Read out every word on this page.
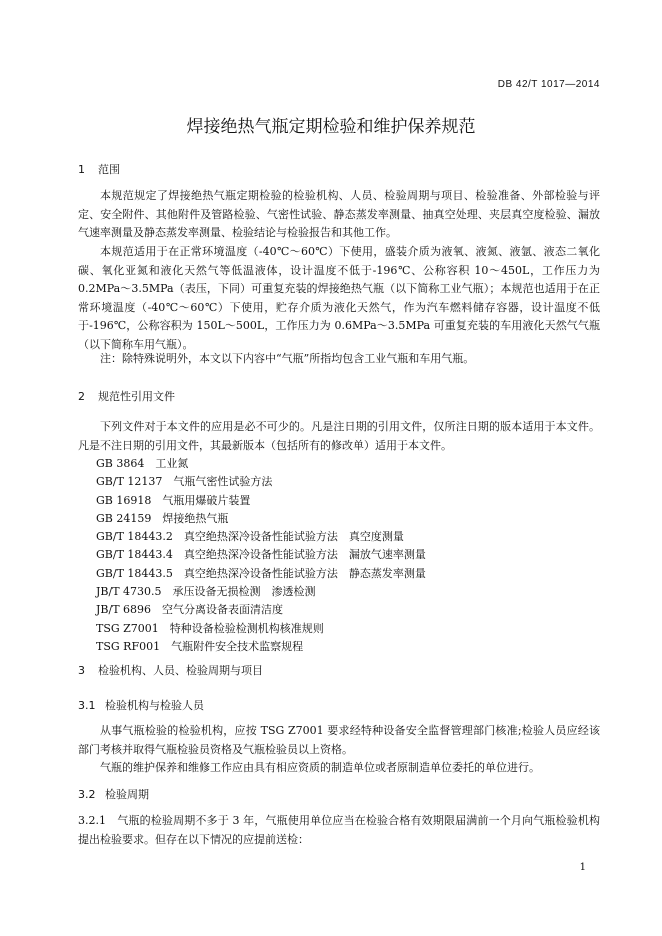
DB 42/T 1017—2014
焊接绝热气瓶定期检验和维护保养规范
1 范围
本规范规定了焊接绝热气瓶定期检验的检验机构、人员、检验周期与项目、检验准备、外部检验与评定、安全附件、其他附件及管路检验、气密性试验、静态蒸发率测量、抽真空处理、夹层真空度检验、漏放气速率测量及静态蒸发率测量、检验结论与检验报告和其他工作。
本规范适用于在正常环境温度（-40℃～60℃）下使用，盛装介质为液氧、液氮、液氩、液态二氧化碳、氧化亚氮和液化天然气等低温液体，设计温度不低于-196℃、公称容积 10～450L，工作压力为0.2MPa～3.5MPa（表压，下同）可重复充装的焊接绝热气瓶（以下简称工业气瓶）；本规范也适用于在正常环境温度（-40℃～60℃）下使用，贮存介质为液化天然气，作为汽车燃料储存容器，设计温度不低于-196℃，公称容积为 150L～500L，工作压力为 0.6MPa～3.5MPa 可重复充装的车用液化天然气气瓶（以下简称车用气瓶）。
注：除特殊说明外，本文以下内容中“气瓶”所指均包含工业气瓶和车用气瓶。
2 规范性引用文件
下列文件对于本文件的应用是必不可少的。凡是注日期的引用文件，仅所注日期的版本适用于本文件。凡是不注日期的引用文件，其最新版本（包括所有的修改单）适用于本文件。
GB 3864　 工业氮
GB/T 12137　 气瓶气密性试验方法
GB 16918　 气瓶用爆破片装置
GB 24159　 焊接绝热气瓶
GB/T 18443.2　 真空绝热深冷设备性能试验方法　真空度测量
GB/T 18443.4　 真空绝热深冷设备性能试验方法　漏放气速率测量
GB/T 18443.5　 真空绝热深冷设备性能试验方法　静态蒸发率测量
JB/T 4730.5　 承压设备无损检测　渗透检测
JB/T 6896　 空气分离设备表面清洁度
TSG Z7001　 特种设备检验检测机构核准规则
TSG RF001　 气瓶附件安全技术监察规程
3 检验机构、人员、检验周期与项目
3.1 检验机构与检验人员
从事气瓶检验的检验机构，应按 TSG Z7001 要求经特种设备安全监督管理部门核准;检验人员应经该部门考核并取得气瓶检验员资格及气瓶检验员以上资格。
气瓶的维护保养和维修工作应由具有相应资质的制造单位或者原制造单位委托的单位进行。
3.2 检验周期
3.2.1　 气瓶的检验周期不多于 3 年，气瓶使用单位应当在检验合格有效期限届满前一个月向气瓶检验机构提出检验要求。但存在以下情况的应提前送检：
1
